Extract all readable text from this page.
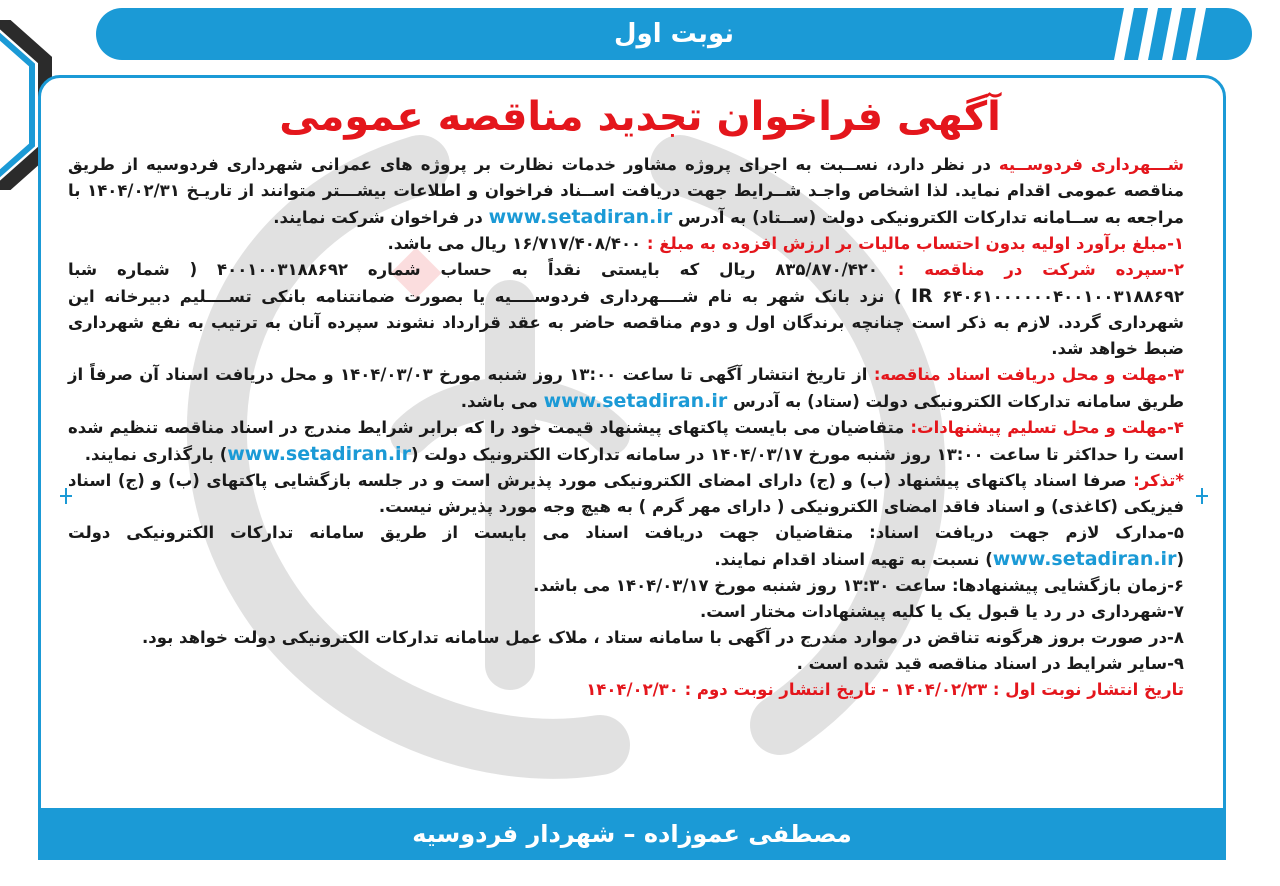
نوبت اول
آگهی فراخوان تجدید مناقصه عمومی

شـــهرداری فردوســیه در نظر دارد، نســبت به اجرای پروژه مشاور خدمات نظارت بر پروژه های عمرانی شهرداری فردوسیه از طریق مناقصه عمومی اقدام نماید. لذا اشخاص واجـد شــرایط جهت دریافت اســناد فراخوان و اطلاعات بیشـــتر متوانند از تاریـخ ۱۴۰۴/۰۲/۳۱ با مراجعه به ســامانه تدارکات الکترونیکی دولت (ســتاد) به آدرس www.setadiran.ir در فراخوان شرکت نمایند.

۱-مبلغ برآورد اولیه بدون احتساب مالیات بر ارزش افزوده به مبلغ : ۱۶/۷۱۷/۴۰۸/۴۰۰ ریال می باشد.

۲-سپرده شرکت در مناقصه : ۸۳۵/۸۷۰/۴۲۰ ریال که بایستی نقداً به حساب شماره ۴۰۰۱۰۰۳۱۸۸۶۹۲ ( شماره شبا ۶۴۰۶۱۰۰۰۰۰۰۴۰۰۱۰۰۳۱۸۸۶۹۲ IR ) نزد بانک شهر به نام شــــهرداری فردوســــیه یا بصورت ضمانتنامه بانکی تســــلیم دبیرخانه این شهرداری گردد. لازم به ذکر است چنانچه برندگان اول و دوم مناقصه حاضر به عقد قرارداد نشوند سپرده آنان به ترتیب به نفع شهرداری ضبط خواهد شد.

۳-مهلت و محل دریافت اسناد مناقصه: از تاریخ انتشار آگهی تا ساعت ۱۳:۰۰ روز شنبه مورخ ۱۴۰۴/۰۳/۰۳ و محل دریافت اسناد آن صرفاً از طریق سامانه تدارکات الکترونیکی دولت (ستاد) به آدرس www.setadiran.ir می باشد.

۴-مهلت و محل تسلیم پیشنهادات: متقاضیان می بایست پاکتهای پیشنهاد قیمت خود را که برابر شرایط مندرج در اسناد مناقصه تنظیم شده است را حداکثر تا ساعت ۱۳:۰۰ روز شنبه مورخ ۱۴۰۴/۰۳/۱۷ در سامانه تدارکات الکترونیک دولت (www.setadiran.ir) بارگذاری نمایند.

*تذکر: صرفا اسناد پاکتهای پیشنهاد (ب) و (ج) دارای امضای الکترونیکی مورد پذیرش است و در جلسه بازگشایی پاکتهای (ب) و (ج) اسناد فیزیکی (کاغذی) و اسناد فاقد امضای الکترونیکی ( دارای مهر گرم ) به هیچ وجه مورد پذیرش نیست.

۵-مدارک لازم جهت دریافت اسناد: متقاضیان جهت دریافت اسناد می بایست از طریق سامانه تدارکات الکترونیکی دولت (www.setadiran.ir) نسبت به تهیه اسناد اقدام نمایند.

۶-زمان بازگشایی پیشنهادها: ساعت ۱۳:۳۰ روز شنبه مورخ ۱۴۰۴/۰۳/۱۷ می باشد.

۷-شهرداری در رد یا قبول یک یا کلیه پیشنهادات مختار است.

۸-در صورت بروز هرگونه تناقض در موارد مندرج در آگهی با سامانه ستاد ، ملاک عمل سامانه تدارکات الکترونیکی دولت خواهد بود.

۹-سایر شرایط در اسناد مناقصه قید شده است .

تاریخ انتشار نوبت اول : ۱۴۰۴/۰۲/۲۳ - تاریخ انتشار نوبت دوم : ۱۴۰۴/۰۲/۳۰

مصطفی عموزاده – شهردار فردوسیه
